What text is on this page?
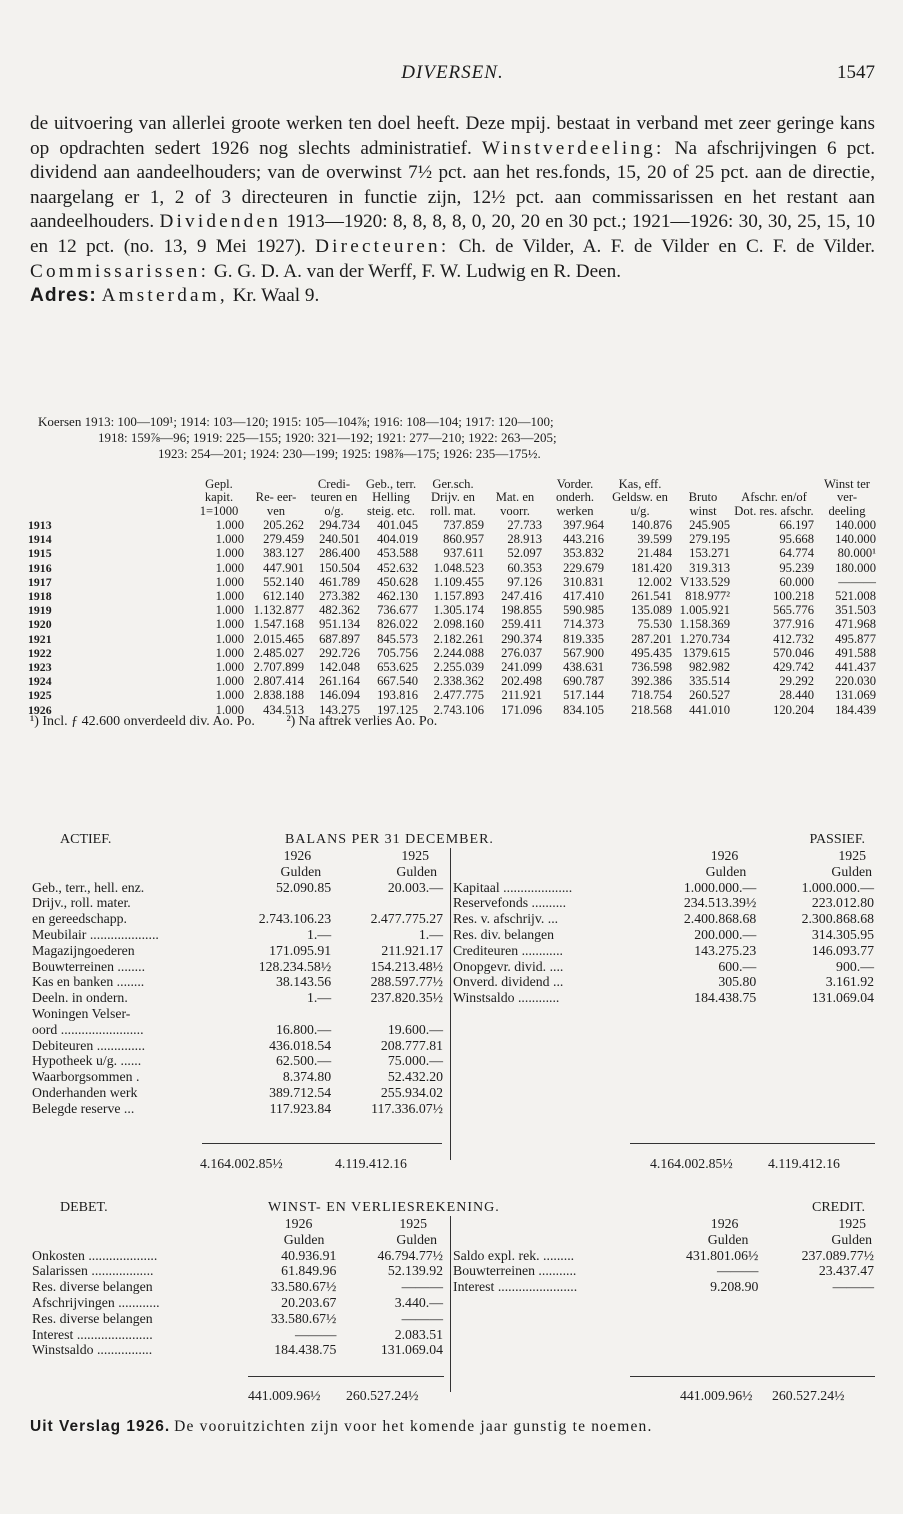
DIVERSEN.	1547

de uitvoering van allerlei groote werken ten doel heeft. Deze mpij. bestaat in verband met zeer geringe kans op opdrachten sedert 1926 nog slechts administratief. Winstverdeeling: Na afschrijvingen 6 pct. dividend aan aandeelhouders; van de overwinst 7½ pct. aan het res.fonds, 15, 20 of 25 pct. aan de directie, naargelang er 1, 2 of 3 directeuren in functie zijn, 12½ pct. aan commissarissen en het restant aan aandeelhouders. Dividenden 1913—1920: 8, 8, 8, 8, 0, 20, 20 en 30 pct.; 1921—1926: 30, 30, 25, 15, 10 en 12 pct. (no. 13, 9 Mei 1927). Directeuren: Ch. de Vilder, A. F. de Vilder en C. F. de Vilder. Commissarissen: G. G. D. A. van der Werff, F. W. Ludwig en R. Deen.

Adres: Amsterdam, Kr. Waal 9.

Koersen 1913: 100—109¹; 1914: 103—120; 1915: 105—104⅞; 1916: 108—104; 1917: 120—100;
1918: 159⅞—96; 1919: 225—155; 1920: 321—192; 1921: 277—210; 1922: 263—205;
1923: 254—201; 1924: 230—199; 1925: 198⅞—175; 1926: 235—175½.
	Gepl. kapit. 1=1000	Re- eer- ven	Credi- teuren en o/g.	Geb., terr. Helling steig. etc.	Ger.sch. Drijv. en roll. mat.	Mat. en voorr.	Vorder. onderh. werken	Kas, eff. Geldsw. en u/g.	Bruto winst	Afschr. en/of Dot. res. afschr.	Winst ter ver- deeling
1913	1.000	205.262	294.734	401.045	737.859	27.733	397.964	140.876	245.905	66.197	140.000
1914	1.000	279.459	240.501	404.019	860.957	28.913	443.216	39.599	279.195	95.668	140.000
1915	1.000	383.127	286.400	453.588	937.611	52.097	353.832	21.484	153.271	64.774	80.000¹
1916	1.000	447.901	150.504	452.632	1.048.523	60.353	229.679	181.420	319.313	95.239	180.000
1917	1.000	552.140	461.789	450.628	1.109.455	97.126	310.831	12.002	V133.529	60.000	———
1918	1.000	612.140	273.382	462.130	1.157.893	247.416	417.410	261.541	818.977²	100.218	521.008
1919	1.000	1.132.877	482.362	736.677	1.305.174	198.855	590.985	135.089	1.005.921	565.776	351.503
1920	1.000	1.547.168	951.134	826.022	2.098.160	259.411	714.373	75.530	1.158.369	377.916	471.968
1921	1.000	2.015.465	687.897	845.573	2.182.261	290.374	819.335	287.201	1.270.734	412.732	495.877
1922	1.000	2.485.027	292.726	705.756	2.244.088	276.037	567.900	495.435	1379.615	570.046	491.588
1923	1.000	2.707.899	142.048	653.625	2.255.039	241.099	438.631	736.598	982.982	429.742	441.437
1924	1.000	2.807.414	261.164	667.540	2.338.362	202.498	690.787	392.386	335.514	29.292	220.030
1925	1.000	2.838.188	146.094	193.816	2.477.775	211.921	517.144	718.754	260.527	28.440	131.069
1926	1.000	434.513	143.275	197.125	2.743.106	171.096	834.105	218.568	441.010	120.204	184.439
¹) Incl. ƒ 42.600 onverdeeld div. Ao. Po. ²) Na aftrek verlies Ao. Po.
ACTIEF.	BALANS PER 31 DECEMBER.	PASSIEF.
	1926	1925
	Gulden	Gulden
Geb., terr., hell. enz.	52.090.85	20.003.—
Drijv., roll. mater.		
en gereedschapp.	2.743.106.23	2.477.775.27
Meubilair ....................	1.—	1.—
Magazijngoederen	171.095.91	211.921.17
Bouwterreinen ........	128.234.58½	154.213.48½
Kas en banken ........	38.143.56	288.597.77½
Deeln. in ondern.	1.—	237.820.35½
Woningen Velser-		
oord ........................	16.800.—	19.600.—
Debiteuren ..............	436.018.54	208.777.81
Hypotheek u/g. ......	62.500.—	75.000.—
Waarborgsommen .	8.374.80	52.432.20
Onderhanden werk	389.712.54	255.934.02
Belegde reserve ...	117.923.84	117.336.07½
	1926	1925
	Gulden	Gulden
Kapitaal ....................	1.000.000.—	1.000.000.—
Reservefonds ..........	234.513.39½	223.012.80
Res. v. afschrijv. ...	2.400.868.68	2.300.868.68
Res. div. belangen	200.000.—	314.305.95
Crediteuren ............	143.275.23	146.093.77
Onopgevr. divid. ....	600.—	900.—
Onverd. dividend ...	305.80	3.161.92
Winstsaldo ............	184.438.75	131.069.04
4.164.002.85½	4.119.412.16	4.164.002.85½	4.119.412.16
DEBET.	WINST- EN VERLIESREKENING.	CREDIT.
	1926	1925
	Gulden	Gulden
Onkosten ....................	40.936.91	46.794.77½
Salarissen ..................	61.849.96	52.139.92
Res. diverse belangen	33.580.67½	———
Afschrijvingen ............	20.203.67	3.440.—
Res. diverse belangen	33.580.67½	———
Interest ......................	———	2.083.51
Winstsaldo ................	184.438.75	131.069.04
	1926	1925
	Gulden	Gulden
Saldo expl. rek. .........	431.801.06½	237.089.77½
Bouwterreinen ...........	———	23.437.47
Interest .......................	9.208.90	———
441.009.96½ 260.527.24½	441.009.96½ 260.527.24½
Uit Verslag 1926. De vooruitzichten zijn voor het komende jaar gunstig te noemen.
